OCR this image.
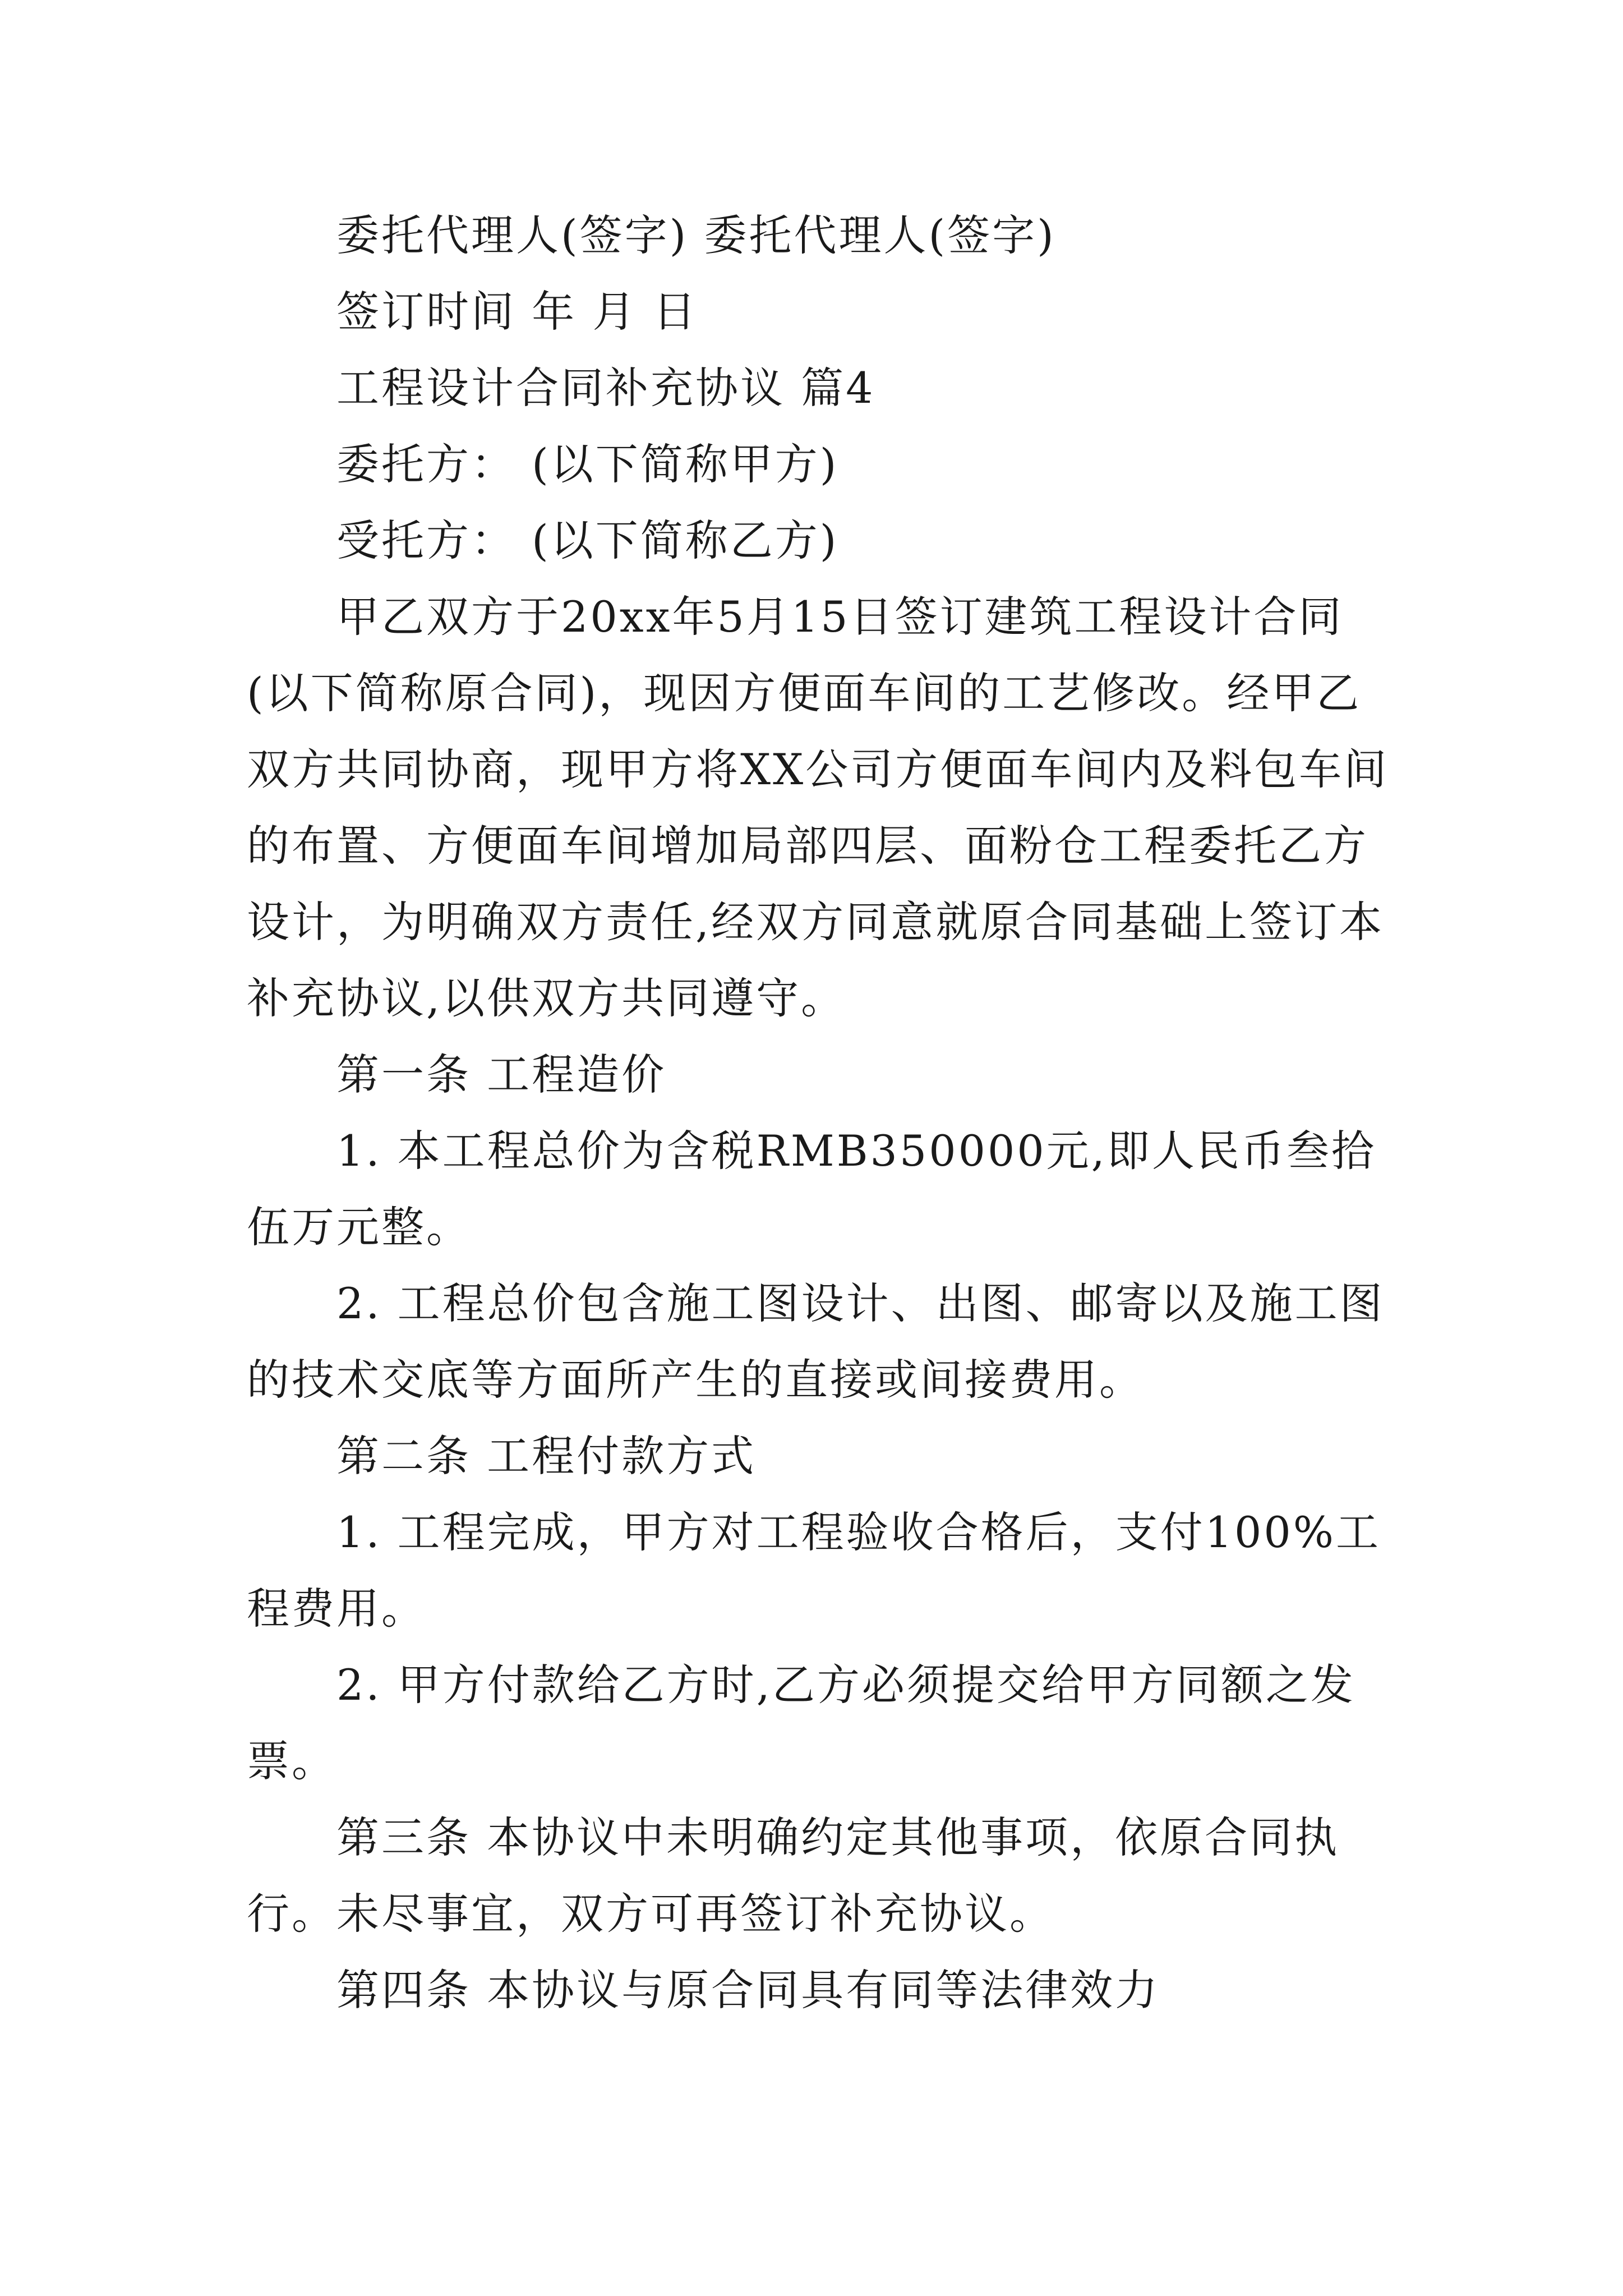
委托代理人(签字) 委托代理人(签字)

签订时间 年 月 日

工程设计合同补充协议 篇4

委托方： (以下简称甲方)

受托方： (以下简称乙方)

甲乙双方于20xx年5月15日签订建筑工程设计合同(以下简称原合同)，现因方便面车间的工艺修改。经甲乙双方共同协商，现甲方将XX公司方便面车间内及料包车间的布置、方便面车间增加局部四层、面粉仓工程委托乙方设计，为明确双方责任,经双方同意就原合同基础上签订本补充协议,以供双方共同遵守。

第一条 工程造价

1. 本工程总价为含税RMB350000元,即人民币叁拾伍万元整。

2. 工程总价包含施工图设计、出图、邮寄以及施工图的技术交底等方面所产生的直接或间接费用。

第二条 工程付款方式

1. 工程完成，甲方对工程验收合格后，支付100%工程费用。

2. 甲方付款给乙方时,乙方必须提交给甲方同额之发票。

第三条 本协议中未明确约定其他事项，依原合同执行。未尽事宜，双方可再签订补充协议。

第四条 本协议与原合同具有同等法律效力
